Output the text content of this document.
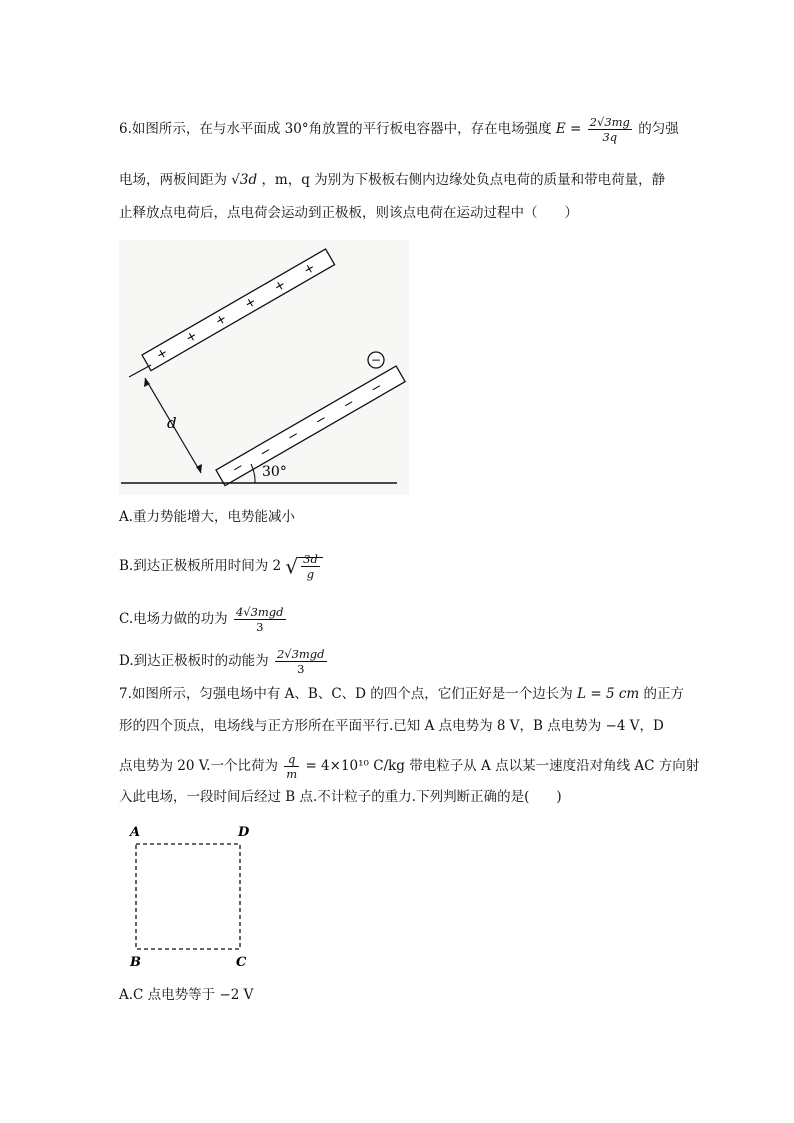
6.如图所示，在与水平面成 30°角放置的平行板电容器中，存在电场强度 $E = \frac{2√3mg}{3q}$ 的匀强
电场，两板间距为 √3d ，m，q 为别为下极板右侧内边缘处负点电荷的质量和带电荷量，静
止释放点电荷后，点电荷会运动到正极板，则该点电荷在运动过程中（　　）
+
+
+
+
+
+
−
−
−
−
−
−
d
30°
−
A.重力势能增大，电势能减小
B.到达正极板所用时间为 2 √ $\frac{3d}{g}$
C.电场力做的功为 $\frac{\text{4√3mgd}}{3}$
D.到达正极板时的动能为 $\frac{\text{2√3mgd}}{3}$
7.如图所示，匀强电场中有 A、B、C、D 的四个点，它们正好是一个边长为 L = 5 cm 的正方
形的四个顶点，电场线与正方形所在平面平行.已知 A 点电势为 8 V，B 点电势为 −4 V，D
点电势为 20 V.一个比荷为 $\frac{q}{m} = 4\times 10^{10}$ C/kg 带电粒子从 A 点以某一速度沿对角线 AC 方向射
入此电场，一段时间后经过 B 点.不计粒子的重力.下列判断正确的是(　　)
A	D
B	C
A.C 点电势等于 −2 V
